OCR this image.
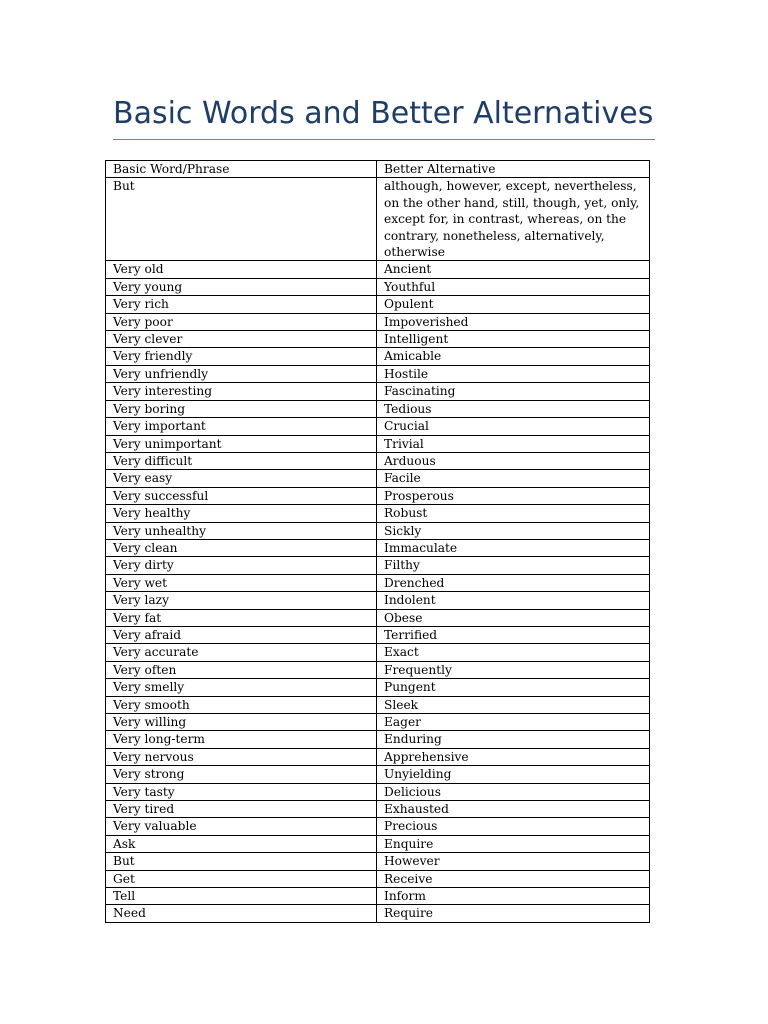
Basic Words and Better Alternatives
Basic Word/Phrase	Better Alternative
But	although, however, except, nevertheless, on the other hand, still, though, yet, only, except for, in contrast, whereas, on the contrary, nonetheless, alternatively, otherwise
Very old	Ancient
Very young	Youthful
Very rich	Opulent
Very poor	Impoverished
Very clever	Intelligent
Very friendly	Amicable
Very unfriendly	Hostile
Very interesting	Fascinating
Very boring	Tedious
Very important	Crucial
Very unimportant	Trivial
Very difficult	Arduous
Very easy	Facile
Very successful	Prosperous
Very healthy	Robust
Very unhealthy	Sickly
Very clean	Immaculate
Very dirty	Filthy
Very wet	Drenched
Very lazy	Indolent
Very fat	Obese
Very afraid	Terrified
Very accurate	Exact
Very often	Frequently
Very smelly	Pungent
Very smooth	Sleek
Very willing	Eager
Very long-term	Enduring
Very nervous	Apprehensive
Very strong	Unyielding
Very tasty	Delicious
Very tired	Exhausted
Very valuable	Precious
Ask	Enquire
But	However
Get	Receive
Tell	Inform
Need	Require
